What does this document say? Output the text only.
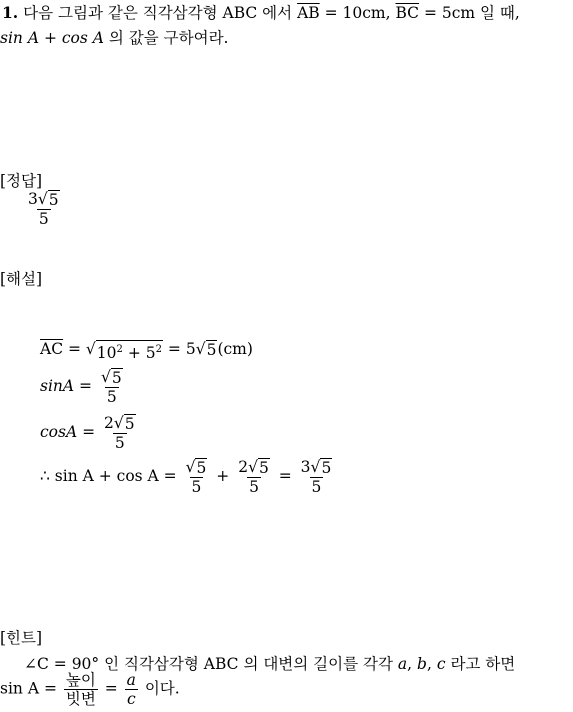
1. 다음 그림과 같은 직각삼각형 ABC 에서 $\overline{AB} = 10cm$, $\overline{BC} = 5cm$ 일 때,
sin A + cos A 의 값을 구하여라.
[정답]
$\frac{3 √ 5}{5}$
[해설]
$\overline{AC}$ = √ $10^2 + 5^2 = 5$ √ 5 (cm)
$\sin A = \frac{√ 5}{5}$
$\cos A = \frac{2 √ 5}{5}$
∴ $\sin A + \cos A = \frac{√ 5}{5} + \frac{2 √ 5}{5} = \frac{3 √ 5}{5}$
[힌트]
∠C = 90° 인 직각삼각형 ABC 의 대변의 길이를 각각 a, b, c 라고 하면
$\sin A = \frac{\text{높이}}{\text{빗변}} = \frac{a}{c}$ 이다.
